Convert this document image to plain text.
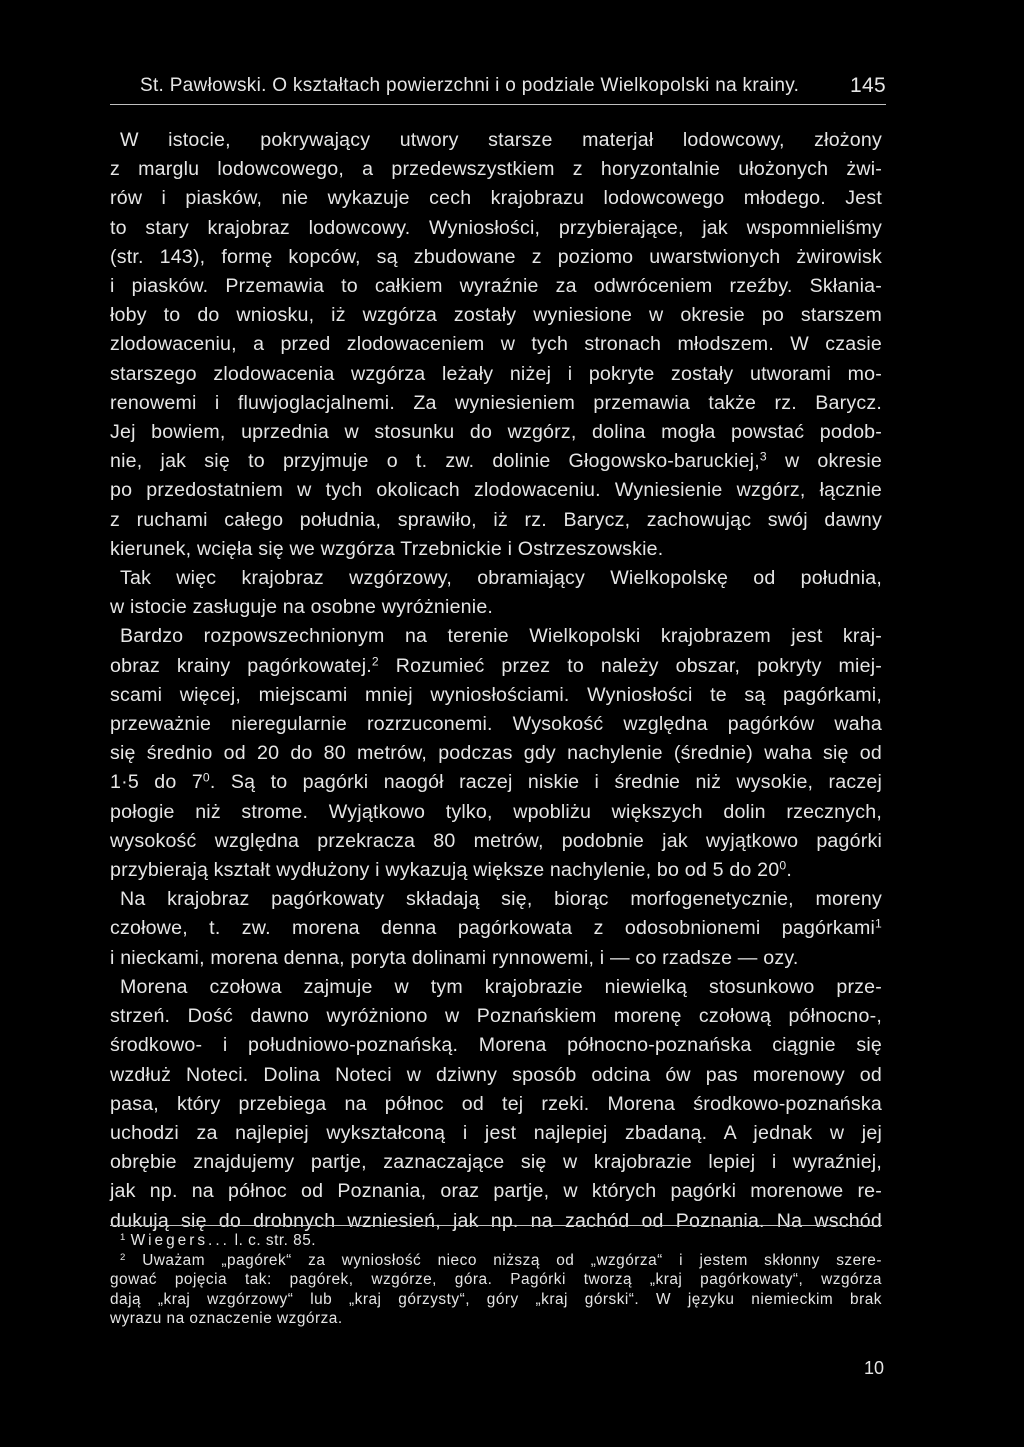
St. Pawłowski. O kształtach powierzchni i o podziale Wielkopolski na krainy. 145

W istocie, pokrywający utwory starsze materjał lodowcowy, złożony
z marglu lodowcowego, a przedewszystkiem z horyzontalnie ułożonych żwi-
rów i piasków, nie wykazuje cech krajobrazu lodowcowego młodego. Jest
to stary krajobraz lodowcowy. Wyniosłości, przybierające, jak wspomnieliśmy
(str. 143), formę kopców, są zbudowane z poziomo uwarstwionych żwirowisk
i piasków. Przemawia to całkiem wyraźnie za odwróceniem rzeźby. Skłania-
łoby to do wniosku, iż wzgórza zostały wyniesione w okresie po starszem
zlodowaceniu, a przed zlodowaceniem w tych stronach młodszem. W czasie
starszego zlodowacenia wzgórza leżały niżej i pokryte zostały utworami mo-
renowemi i fluwjoglacjalnemi. Za wyniesieniem przemawia także rz. Barycz.
Jej bowiem, uprzednia w stosunku do wzgórz, dolina mogła powstać podob-
nie, jak się to przyjmuje o t. zw. dolinie Głogowsko-baruckiej,$^3$ w okresie
po przedostatniem w tych okolicach zlodowaceniu. Wyniesienie wzgórz, łącznie
z ruchami całego południa, sprawiło, iż rz. Barycz, zachowując swój dawny
kierunek, wcięła się we wzgórza Trzebnickie i Ostrzeszowskie.

Tak więc krajobraz wzgórzowy, obramiający Wielkopolskę od południa,
w istocie zasługuje na osobne wyróżnienie.

Bardzo rozpowszechnionym na terenie Wielkopolski krajobrazem jest kraj-
obraz krainy pagórkowatej.$^2$ Rozumieć przez to należy obszar, pokryty miej-
scami więcej, miejscami mniej wyniosłościami. Wyniosłości te są pagórkami,
przeważnie nieregularnie rozrzuconemi. Wysokość względna pagórków waha
się średnio od 20 do 80 metrów, podczas gdy nachylenie (średnie) waha się od
1·5 do $7^0$. Są to pagórki naogół raczej niskie i średnie niż wysokie, raczej
połogie niż strome. Wyjątkowo tylko, wpobliżu większych dolin rzecznych,
wysokość względna przekracza 80 metrów, podobnie jak wyjątkowo pagórki
przybierają kształt wydłużony i wykazują większe nachylenie, bo od 5 do $20^0$.

Na krajobraz pagórkowaty składają się, biorąc morfogenetycznie, moreny
czołowe, t. zw. morena denna pagórkowata z odosobnionemi pagórkami$^1$
i nieckami, morena denna, poryta dolinami rynnowemi, i — co rzadsze — ozy.

Morena czołowa zajmuje w tym krajobrazie niewielką stosunkowo prze-
strzeń. Dość dawno wyróżniono w Poznańskiem morenę czołową północno-,
środkowo- i południowo-poznańską. Morena północno-poznańska ciągnie się
wzdłuż Noteci. Dolina Noteci w dziwny sposób odcina ów pas morenowy od
pasa, który przebiega na północ od tej rzeki. Morena środkowo-poznańska
uchodzi za najlepiej wykształconą i jest najlepiej zbadaną. A jednak w jej
obrębie znajdujemy partje, zaznaczające się w krajobrazie lepiej i wyraźniej,
jak np. na północ od Poznania, oraz partje, w których pagórki morenowe re-
dukują się do drobnych wzniesień, jak np. na zachód od Poznania. Na wschód

$^1$ Wiegers... l. c. str. 85.
$^2$ Uważam „pagórek“ za wyniosłość nieco niższą od „wzgórza“ i jestem skłonny szere-
gować pojęcia tak: pagórek, wzgórze, góra. Pagórki tworzą „kraj pagórkowaty“, wzgórza
dają „kraj wzgórzowy“ lub „kraj górzysty“, góry „kraj górski“. W języku niemieckim brak
wyrazu na oznaczenie wzgórza.
10
